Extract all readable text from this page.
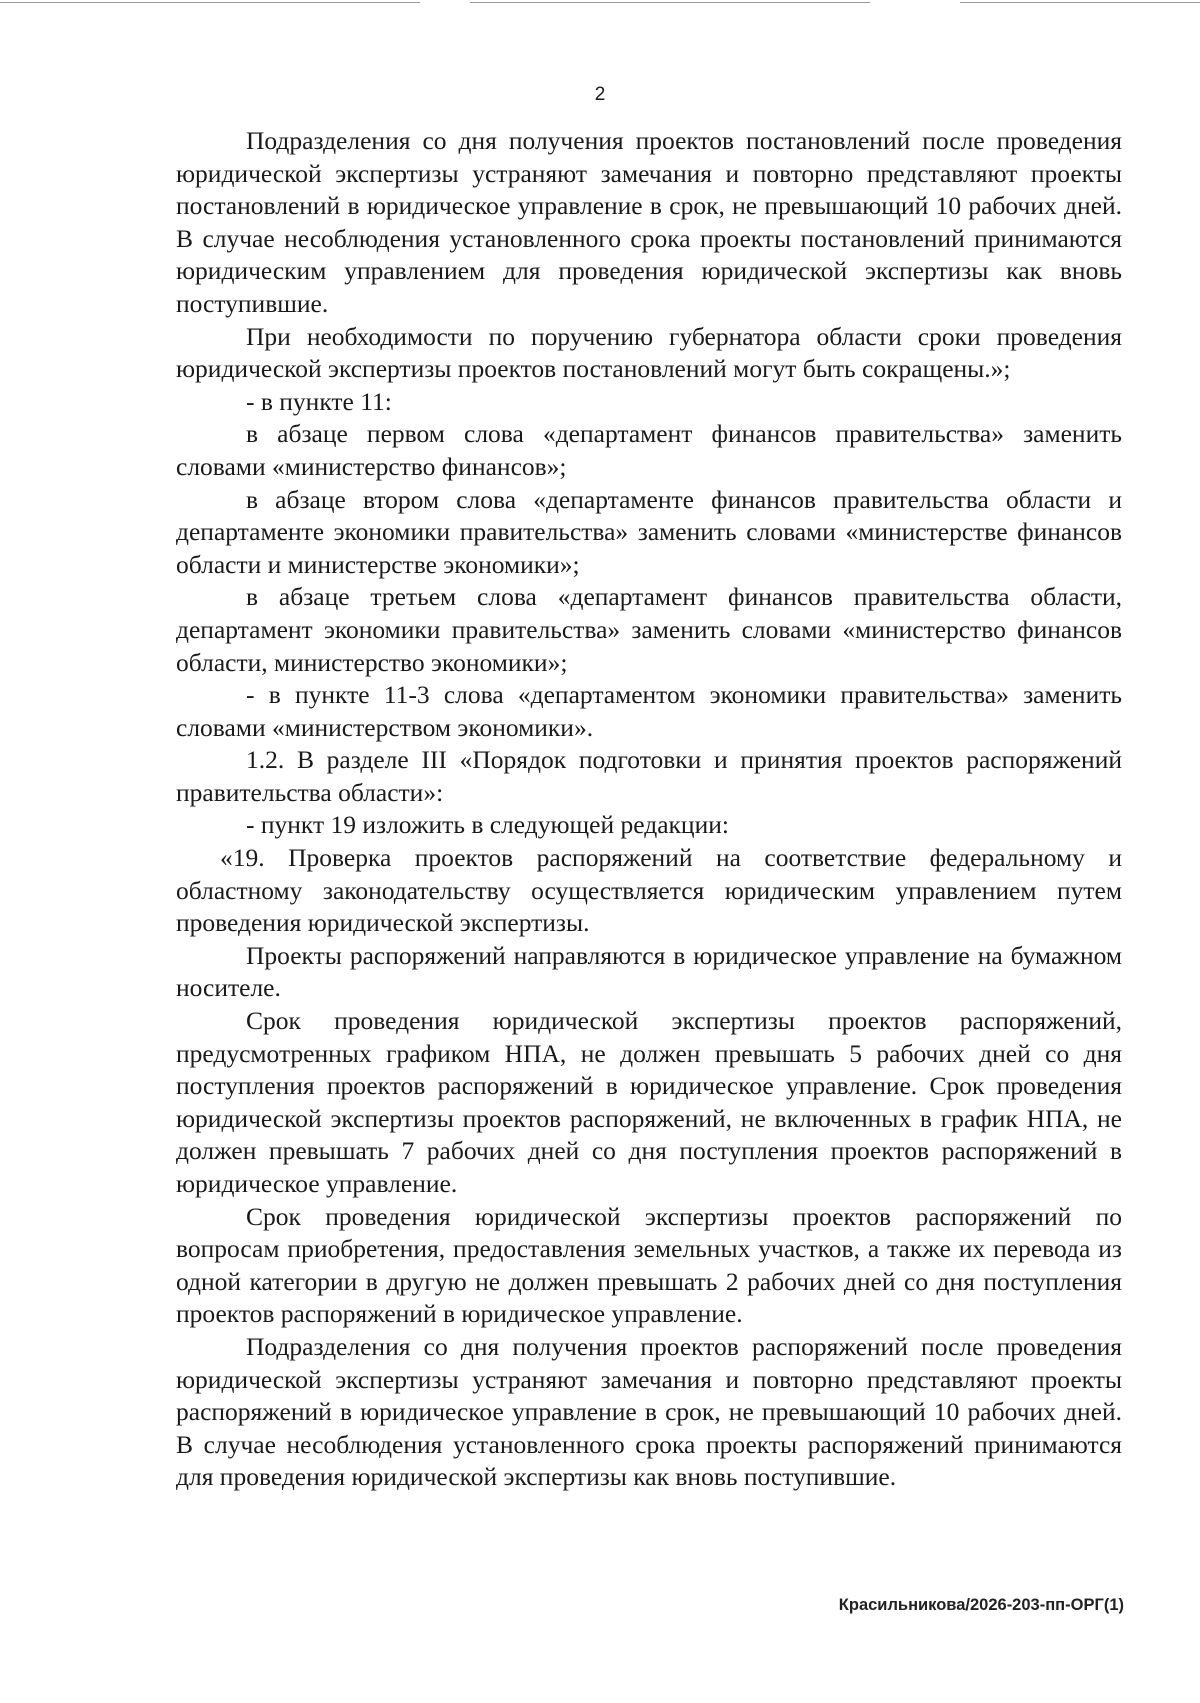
2

Подразделения со дня получения проектов постановлений после проведения юридической экспертизы устраняют замечания и повторно представляют проекты постановлений в юридическое управление в срок, не превышающий 10 рабочих дней. В случае несоблюдения установленного срока проекты постановлений принимаются юридическим управлением для проведения юридической экспертизы как вновь поступившие.

При необходимости по поручению губернатора области сроки проведения юридической экспертизы проектов постановлений могут быть сокращены.»;

- в пункте 11:

в абзаце первом слова «департамент финансов правительства» заменить словами «министерство финансов»;

в абзаце втором слова «департаменте финансов правительства области и департаменте экономики правительства» заменить словами «министерстве финансов области и министерстве экономики»;

в абзаце третьем слова «департамент финансов правительства области, департамент экономики правительства» заменить словами «министерство финансов области, министерство экономики»;

- в пункте 11-3 слова «департаментом экономики правительства» заменить словами «министерством экономики».

1.2. В разделе III «Порядок подготовки и принятия проектов распоряжений правительства области»:

- пункт 19 изложить в следующей редакции:

«19. Проверка проектов распоряжений на соответствие федеральному и областному законодательству осуществляется юридическим управлением путем проведения юридической экспертизы.

Проекты распоряжений направляются в юридическое управление на бумажном носителе.

Срок проведения юридической экспертизы проектов распоряжений, предусмотренных графиком НПА, не должен превышать 5 рабочих дней со дня поступления проектов распоряжений в юридическое управление. Срок проведения юридической экспертизы проектов распоряжений, не включенных в график НПА, не должен превышать 7 рабочих дней со дня поступления проектов распоряжений в юридическое управление.

Срок проведения юридической экспертизы проектов распоряжений по вопросам приобретения, предоставления земельных участков, а также их перевода из одной категории в другую не должен превышать 2 рабочих дней со дня поступления проектов распоряжений в юридическое управление.

Подразделения со дня получения проектов распоряжений после проведения юридической экспертизы устраняют замечания и повторно представляют проекты распоряжений в юридическое управление в срок, не превышающий 10 рабочих дней. В случае несоблюдения установленного срока проекты распоряжений принимаются для проведения юридической экспертизы как вновь поступившие.

Красильникова/2026-203-пп-ОРГ(1)
